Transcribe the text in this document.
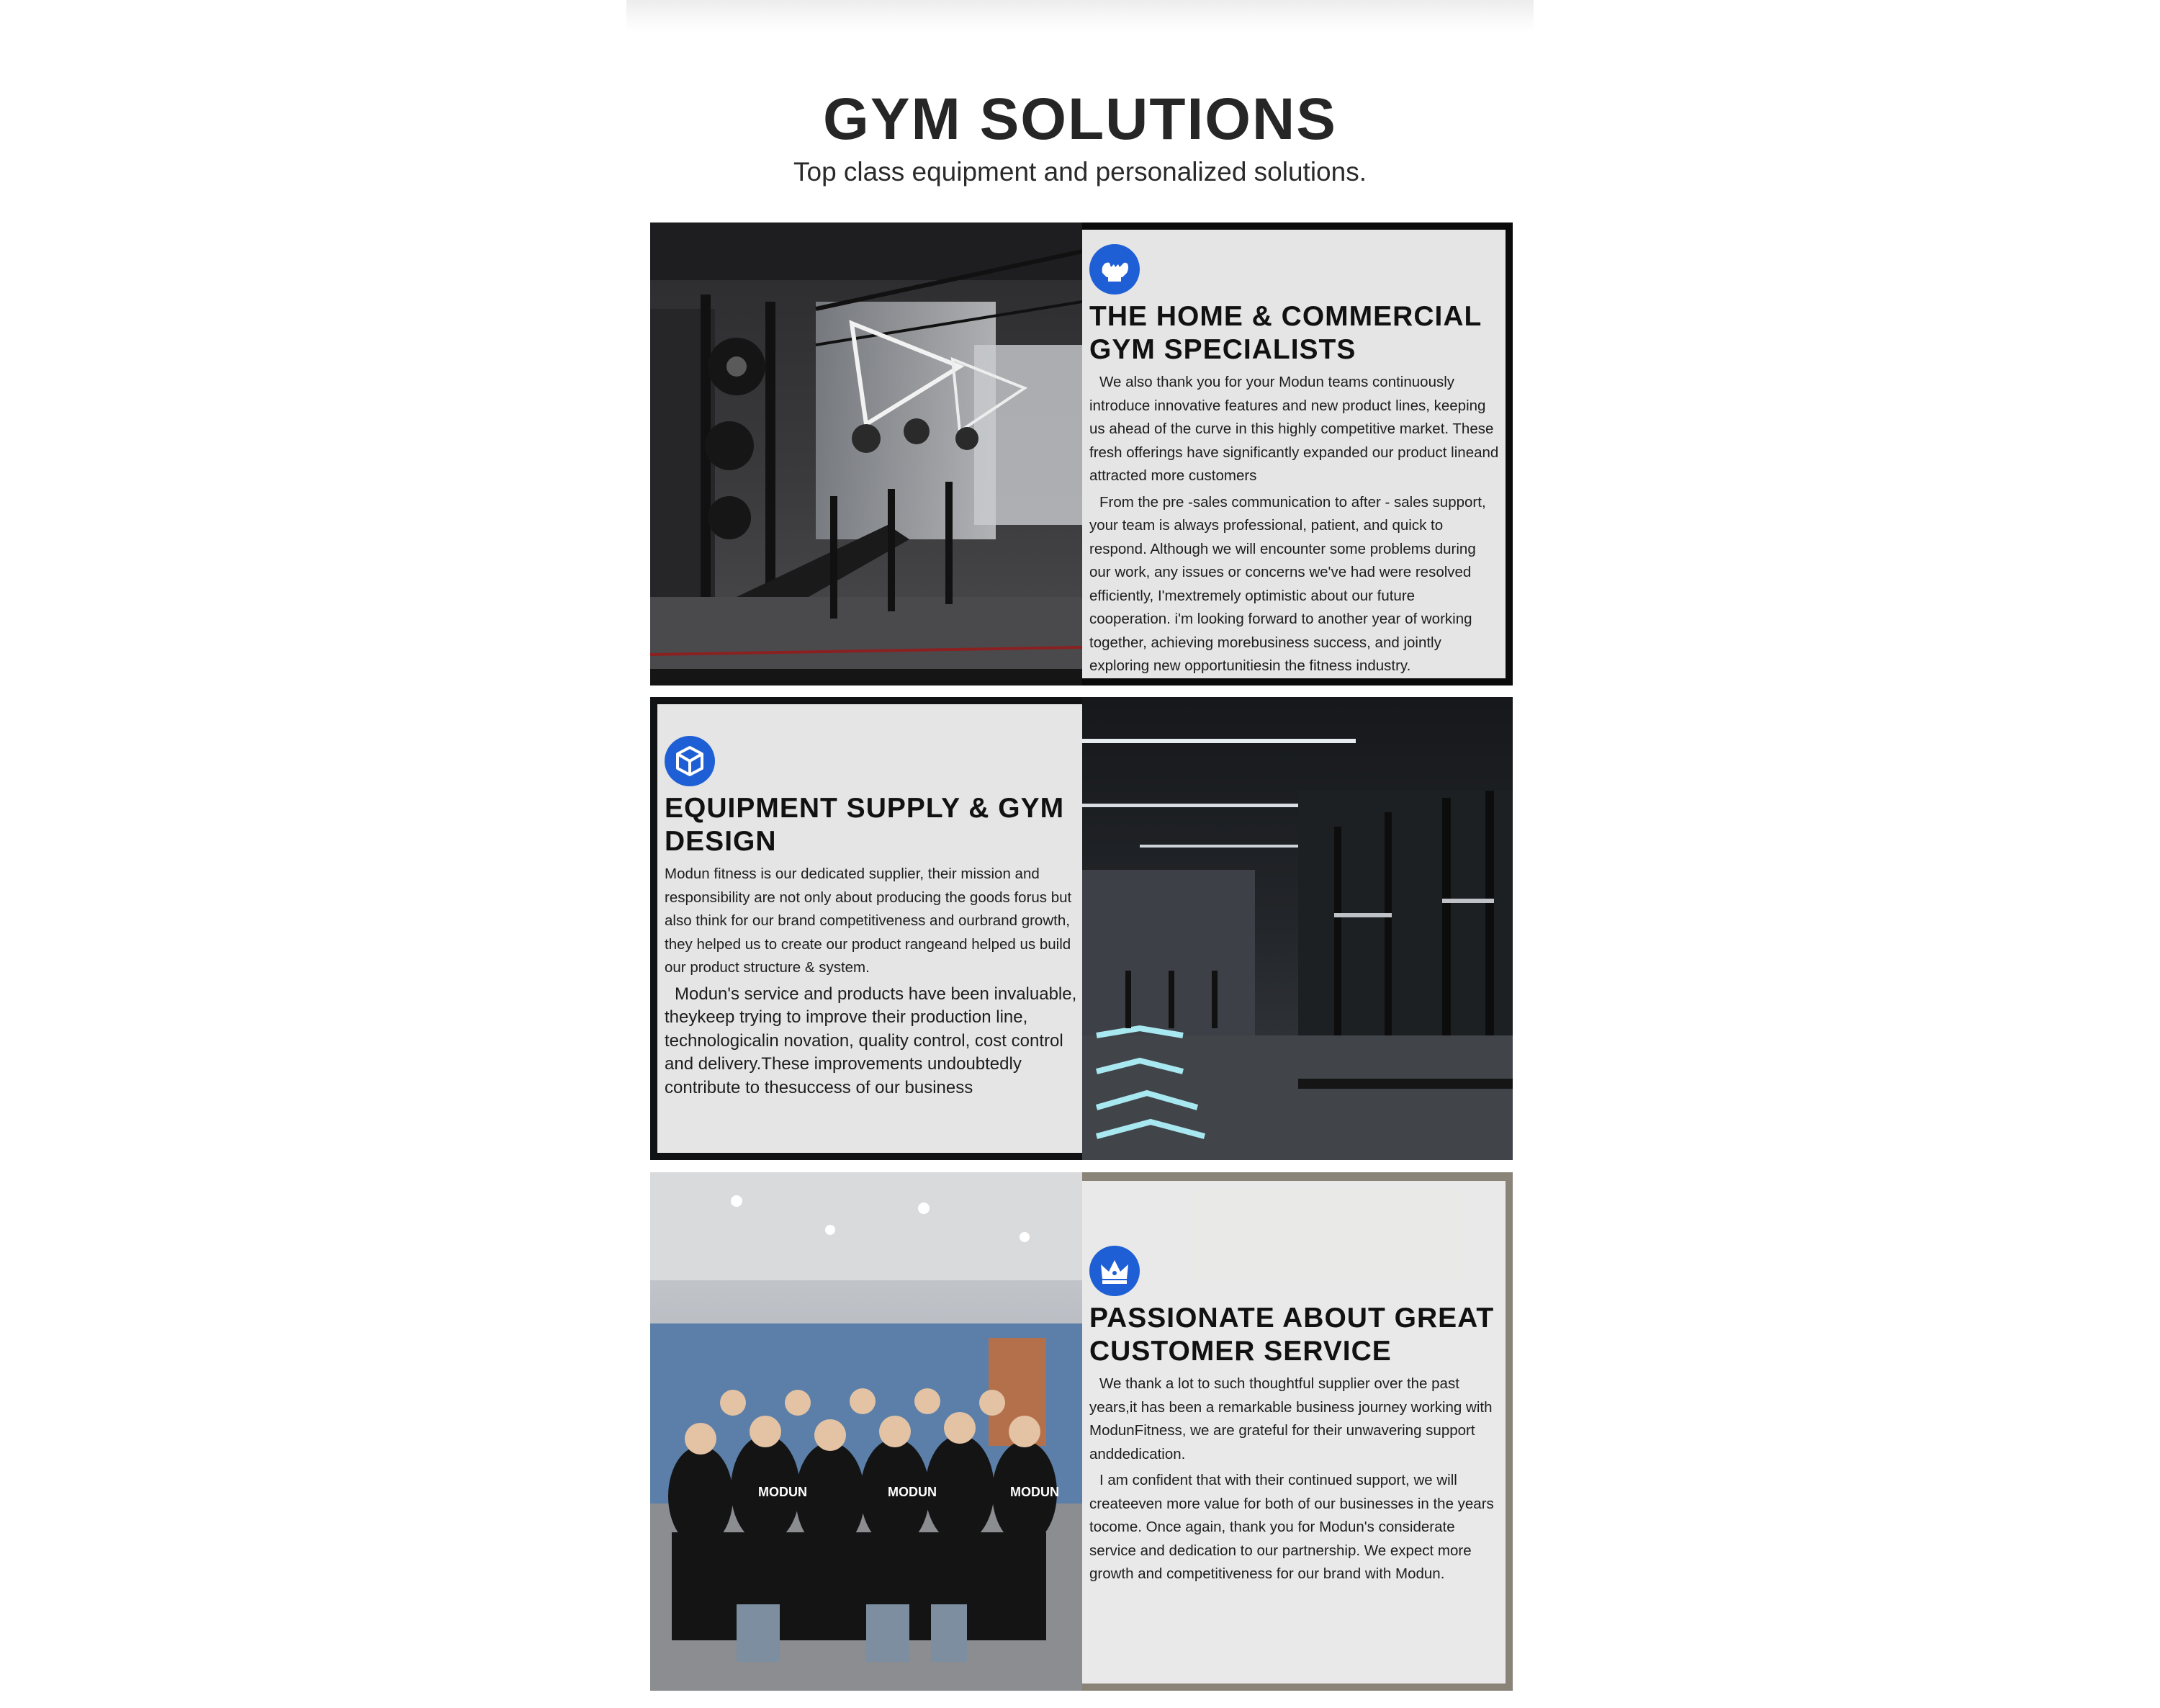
GYM SOLUTIONS
Top class equipment and personalized solutions.
THE HOME & COMMERCIAL GYM SPECIALISTS

We also thank you for your Modun teams continuously introduce innovative features and new product lines, keeping us ahead of the curve in this highly competitive market. These fresh offerings have significantly expanded our product lineand attracted more customers

From the pre -sales communication to after - sales support, your team is always professional, patient, and quick to respond. Although we will encounter some problems during our work, any issues or concerns we've had were resolved efficiently, I'mextremely optimistic about our future cooperation. i'm looking forward to another year of working together, achieving morebusiness success, and jointly exploring new opportunitiesin the fitness industry.

EQUIPMENT SUPPLY & GYM DESIGN

Modun fitness is our dedicated supplier, their mission and responsibility are not only about producing the goods forus but also think for our brand competitiveness and ourbrand growth, they helped us to create our product rangeand helped us build our product structure & system.

Modun's service and products have been invaluable, theykeep trying to improve their production line, technologicalin novation, quality control, cost control and delivery.These improvements undoubtedly contribute to thesuccess of our business

MODUN	MODUN	MODUN
PASSIONATE ABOUT GREAT CUSTOMER SERVICE

We thank a lot to such thoughtful supplier over the past years,it has been a remarkable business journey working with ModunFitness, we are grateful for their unwavering support anddedication.

I am confident that with their continued support, we will createeven more value for both of our businesses in the years tocome. Once again, thank you for Modun's considerate service and dedication to our partnership. We expect more growth and competitiveness for our brand with Modun.
